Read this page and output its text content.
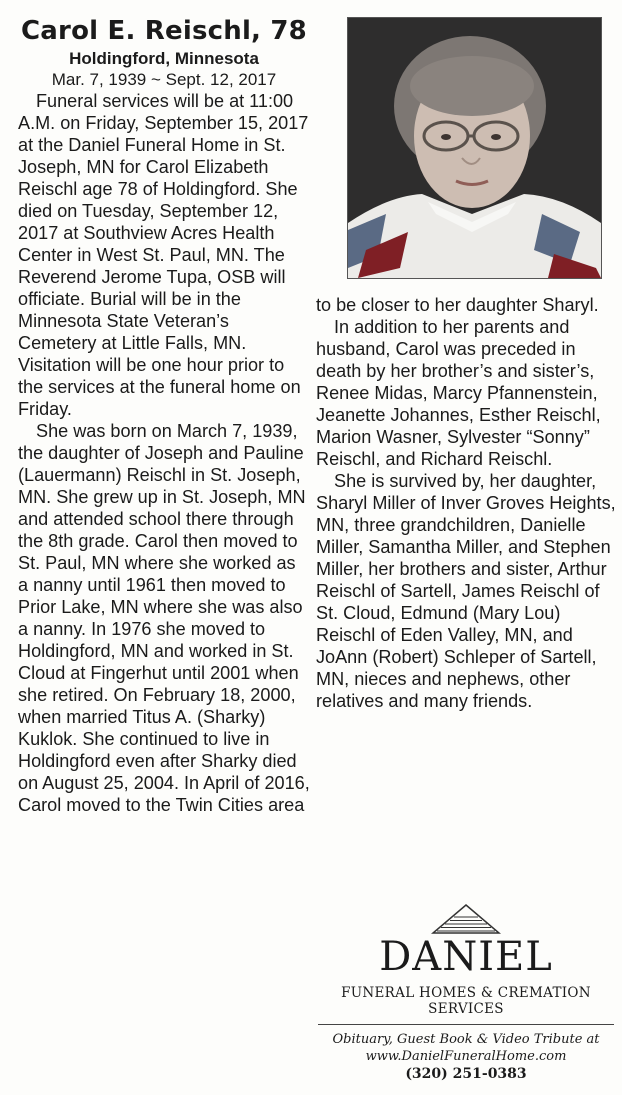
Carol E. Reischl, 78
Holdingford, Minnesota
Mar. 7, 1939 ~ Sept. 12, 2017

Funeral services will be at 11:00 A.M. on Friday, September 15, 2017 at the Daniel Funeral Home in St. Joseph, MN for Carol Elizabeth Reischl age 78 of Holdingford. She died on Tuesday, September 12, 2017 at Southview Acres Health Center in West St. Paul, MN. The Reverend Jerome Tupa, OSB will officiate. Burial will be in the Minnesota State Veteran’s Cemetery at Little Falls, MN. Visitation will be one hour prior to the services at the funeral home on Friday.

She was born on March 7, 1939, the daughter of Joseph and Pauline (Lauermann) Reischl in St. Joseph, MN. She grew up in St. Joseph, MN and attended school there through the 8th grade. Carol then moved to St. Paul, MN where she worked as a nanny until 1961 then moved to Prior Lake, MN where she was also a nanny. In 1976 she moved to Holdingford, MN and worked in St. Cloud at Fingerhut until 2001 when she retired. On February 18, 2000, when married Titus A. (Sharky) Kuklok. She continued to live in Holdingford even after Sharky died on August 25, 2004. In April of 2016, Carol moved to the Twin Cities area

to be closer to her daughter Sharyl.

In addition to her parents and husband, Carol was preceded in death by her brother’s and sister’s, Renee Midas, Marcy Pfannenstein, Jeanette Johannes, Esther Reischl, Marion Wasner, Sylvester “Sonny” Reischl, and Richard Reischl.

She is survived by, her daughter, Sharyl Miller of Inver Groves Heights, MN, three grandchildren, Danielle Miller, Samantha Miller, and Stephen Miller, her brothers and sister, Arthur Reischl of Sartell, James Reischl of St. Cloud, Edmund (Mary Lou) Reischl of Eden Valley, MN, and JoAnn (Robert) Schleper of Sartell, MN, nieces and nephews, other relatives and many friends.

DANIEL
FUNERAL HOMES & CREMATION SERVICES
Obituary, Guest Book & Video Tribute at
www.DanielFuneralHome.com
(320) 251-0383
